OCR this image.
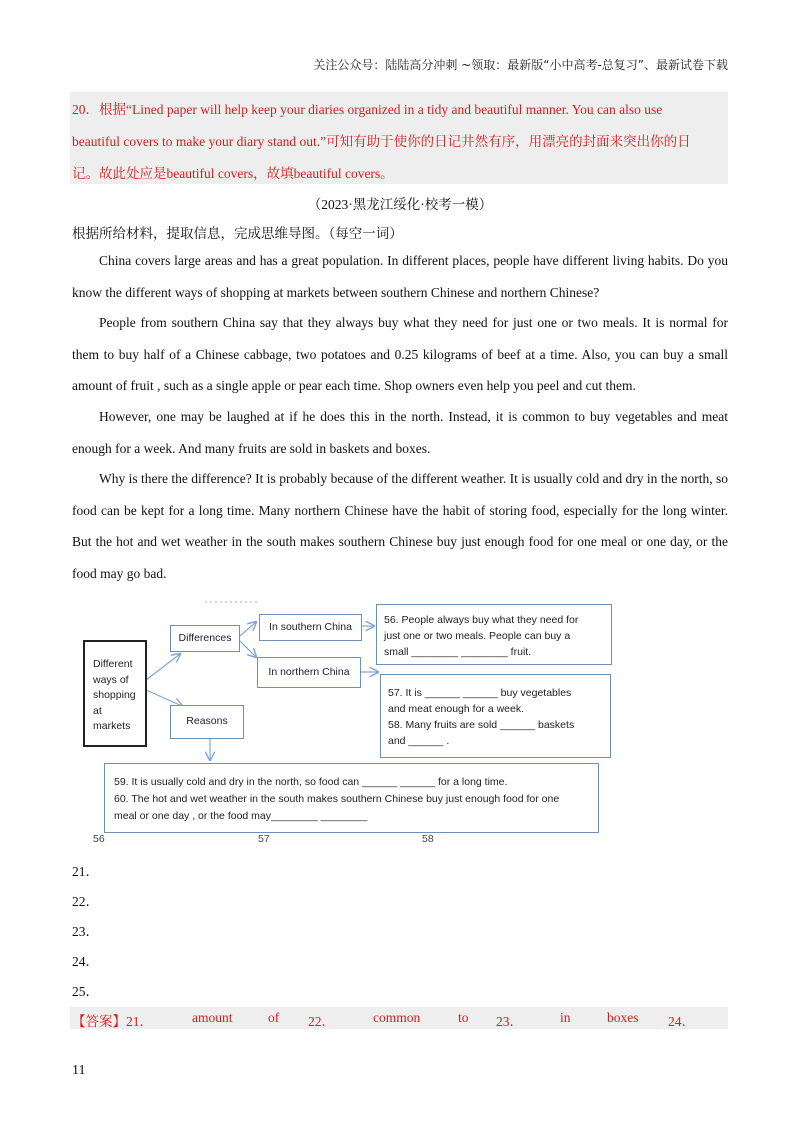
关注公众号：陆陆高分冲刺 ~领取：最新版“小中高考-总复习”、最新试卷下载
20．根据“Lined paper will help keep your diaries organized in a tidy and beautiful manner. You can also use
beautiful covers to make your diary stand out.”可知有助于使你的日记井然有序，用漂亮的封面来突出你的日
记。故此处应是beautiful covers，故填beautiful covers。
（2023·黑龙江绥化·校考一模）
根据所给材料，提取信息，完成思维导图。（每空一词）

China covers large areas and has a great population. In different places, people have different living habits. Do you know the different ways of shopping at markets between southern Chinese and northern Chinese?

People from southern China say that they always buy what they need for just one or two meals. It is normal for them to buy half of a Chinese cabbage, two potatoes and 0.25 kilograms of beef at a time. Also, you can buy a small amount of fruit , such as a single apple or pear each time. Shop owners even help you peel and cut them.

However, one may be laughed at if he does this in the north. Instead, it is common to buy vegetables and meat enough for a week. And many fruits are sold in baskets and boxes.

Why is there the difference? It is probably because of the different weather. It is usually cold and dry in the north, so food can be kept for a long time. Many northern Chinese have the habit of storing food, especially for the long winter. But the hot and wet weather in the south makes southern Chinese buy just enough food for one meal or one day, or the food may go bad.

Different
ways of
shopping
at
markets
Differences
Reasons
In southern China
In northern China
56. People always buy what they need for
just one or two meals. People can buy a
small ________ ________ fruit.
57. It is ______ ______ buy vegetables
and meat enough for a week.
58. Many fruits are sold ______ baskets
and ______ .
59. It is usually cold and dry in the north, so food can ______ ______ for a long time.
60. The hot and wet weather in the south makes southern Chinese buy just enough food for one
meal or one day , or the food may________ ________
56	57	58
21．
22．
23．
24．
25．
【答案】21．	amount	of 22．	common	to 23．	in	boxes 24．
11
